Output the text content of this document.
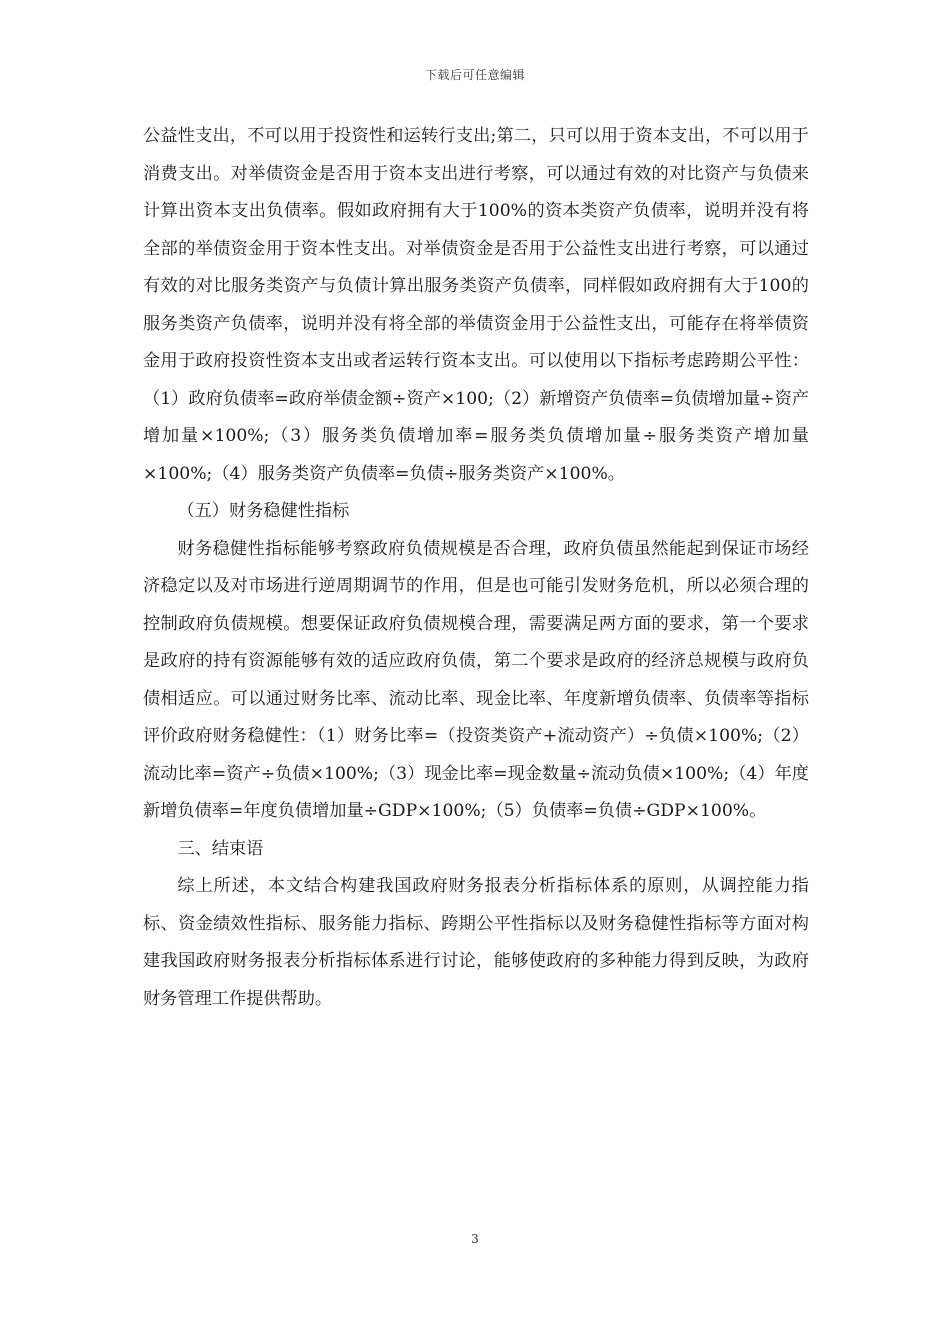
下载后可任意编辑

公益性支出，不可以用于投资性和运转行支出;第二，只可以用于资本支出，不可以用于消费支出。对举债资金是否用于资本支出进行考察，可以通过有效的对比资产与负债来计算出资本支出负债率。假如政府拥有大于100%的资本类资产负债率，说明并没有将全部的举债资金用于资本性支出。对举债资金是否用于公益性支出进行考察，可以通过有效的对比服务类资产与负债计算出服务类资产负债率，同样假如政府拥有大于100的服务类资产负债率，说明并没有将全部的举债资金用于公益性支出，可能存在将举债资金用于政府投资性资本支出或者运转行资本支出。可以使用以下指标考虑跨期公平性：（1）政府负债率=政府举债金额÷资产×100;（2）新增资产负债率=负债增加量÷资产增加量×100%;（3）服务类负债增加率=服务类负债增加量÷服务类资产增加量×100%;（4）服务类资产负债率=负债÷服务类资产×100%。

（五）财务稳健性指标

财务稳健性指标能够考察政府负债规模是否合理，政府负债虽然能起到保证市场经济稳定以及对市场进行逆周期调节的作用，但是也可能引发财务危机，所以必须合理的控制政府负债规模。想要保证政府负债规模合理，需要满足两方面的要求，第一个要求是政府的持有资源能够有效的适应政府负债，第二个要求是政府的经济总规模与政府负债相适应。可以通过财务比率、流动比率、现金比率、年度新增负债率、负债率等指标评价政府财务稳健性：（1）财务比率=（投资类资产+流动资产）÷负债×100%;（2）流动比率=资产÷负债×100%;（3）现金比率=现金数量÷流动负债×100%;（4）年度新增负债率=年度负债增加量÷GDP×100%;（5）负债率=负债÷GDP×100%。

三、结束语

综上所述，本文结合构建我国政府财务报表分析指标体系的原则，从调控能力指标、资金绩效性指标、服务能力指标、跨期公平性指标以及财务稳健性指标等方面对构建我国政府财务报表分析指标体系进行讨论，能够使政府的多种能力得到反映，为政府财务管理工作提供帮助。

3
